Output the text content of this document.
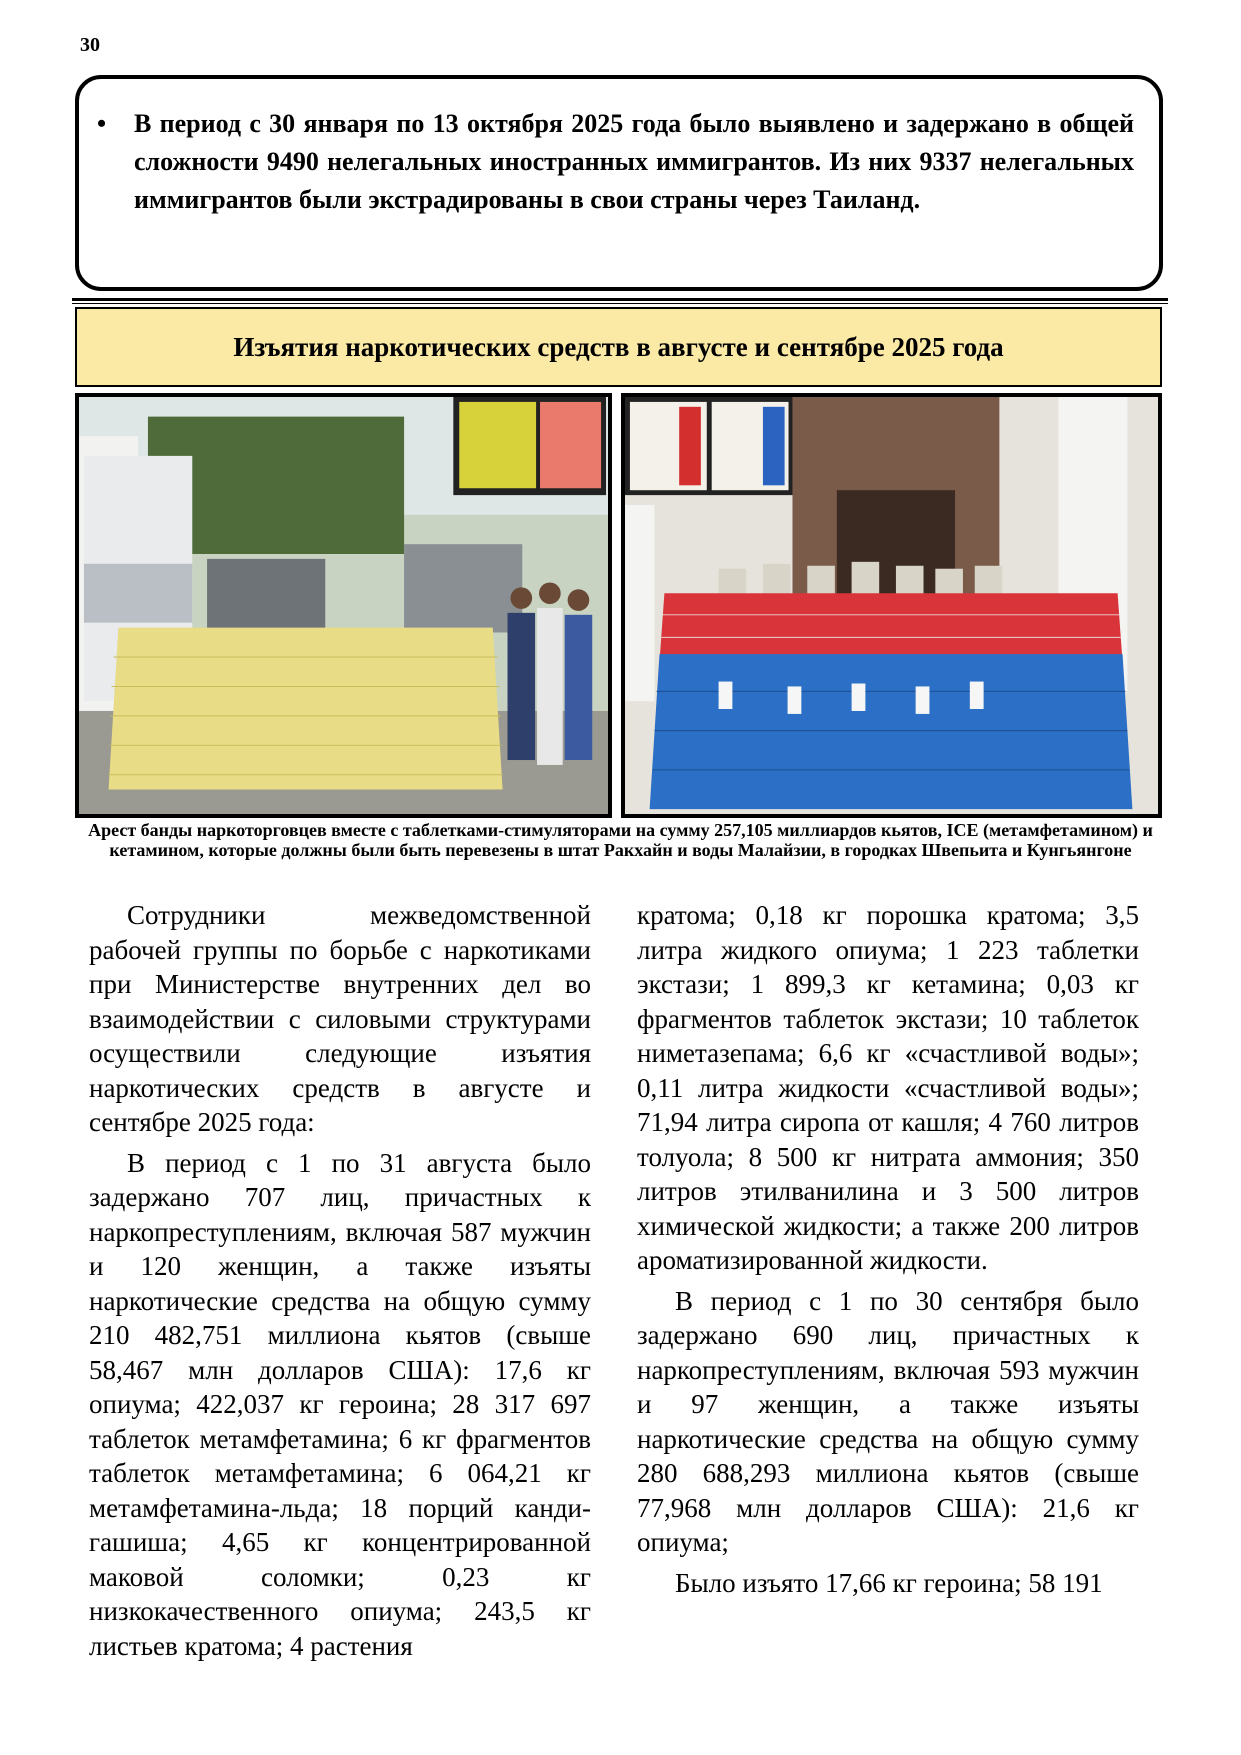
30
• В период с 30 января по 13 октября 2025 года было выявлено и задержано в общей сложности 9490 нелегальных иностранных иммигрантов. Из них 9337 нелегальных иммигрантов были экстрадированы в свои страны через Таиланд.
Изъятия наркотических средств в августе и сентябре 2025 года
Арест банды наркоторговцев вместе с таблетками-стимуляторами на сумму 257,105 миллиардов кьятов, ICE (метамфетамином) и кетамином, которые должны были быть перевезены в штат Ракхайн и воды Малайзии, в городках Швепьита и Кунгьянгоне

Сотрудники межведомственной рабочей группы по борьбе с наркотиками при Министерстве внутренних дел во взаимодействии с силовыми структурами осуществили следующие изъятия наркотических средств в августе и сентябре 2025 года:

В период с 1 по 31 августа было задержано 707 лиц, причастных к наркопреступлениям, включая 587 мужчин и 120 женщин, а также изъяты наркотические средства на общую сумму 210 482,751 миллиона кьятов (свыше 58,467 млн долларов США): 17,6 кг опиума; 422,037 кг героина; 28 317 697 таблеток метамфетамина; 6 кг фрагментов таблеток метамфетамина; 6 064,21 кг метамфетамина-льда; 18 порций канди-гашиша; 4,65 кг концентрированной маковой соломки; 0,23 кг низкокачественного опиума; 243,5 кг листьев кратома; 4 растения

кратома; 0,18 кг порошка кратома; 3,5 литра жидкого опиума; 1 223 таблетки экстази; 1 899,3 кг кетамина; 0,03 кг фрагментов таблеток экстази; 10 таблеток ниметазепама; 6,6 кг «счастливой воды»; 0,11 литра жидкости «счастливой воды»; 71,94 литра сиропа от кашля; 4 760 литров толуола; 8 500 кг нитрата аммония; 350 литров этилванилина и 3 500 литров химической жидкости; а также 200 литров ароматизированной жидкости.

В период с 1 по 30 сентября было задержано 690 лиц, причастных к наркопреступлениям, включая 593 мужчин и 97 женщин, а также изъяты наркотические средства на общую сумму 280 688,293 миллиона кьятов (свыше 77,968 млн долларов США): 21,6 кг опиума;

Было изъято 17,66 кг героина; 58 191
